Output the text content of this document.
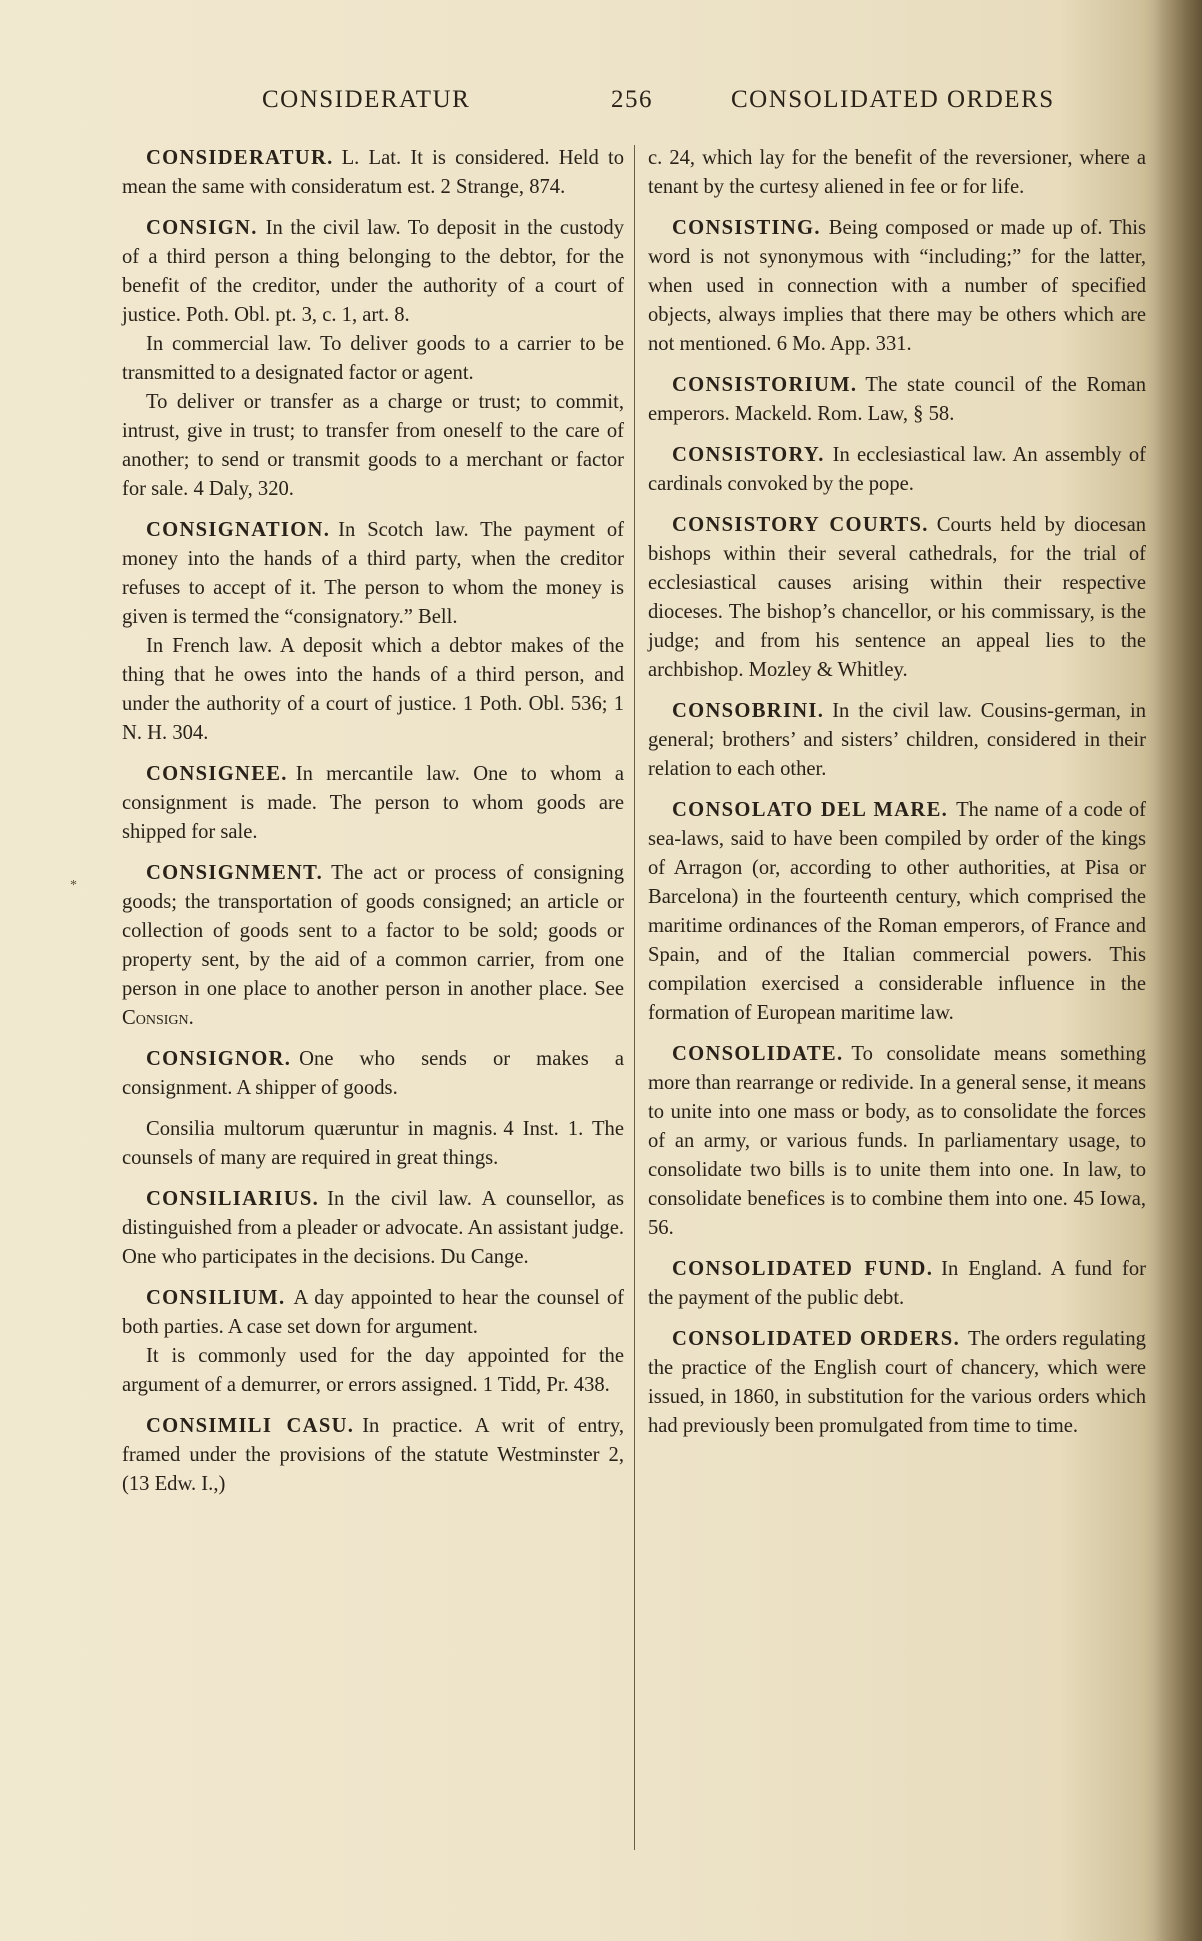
CONSIDERATUR	256	CONSOLIDATED ORDERS
*

CONSIDERATUR. L. Lat. It is considered. Held to mean the same with consideratum est. 2 Strange, 874.

CONSIGN. In the civil law. To deposit in the custody of a third person a thing belonging to the debtor, for the benefit of the creditor, under the authority of a court of justice. Poth. Obl. pt. 3, c. 1, art. 8.

In commercial law. To deliver goods to a carrier to be transmitted to a designated factor or agent.

To deliver or transfer as a charge or trust; to commit, intrust, give in trust; to transfer from oneself to the care of another; to send or transmit goods to a merchant or factor for sale. 4 Daly, 320.

CONSIGNATION. In Scotch law. The payment of money into the hands of a third party, when the creditor refuses to accept of it. The person to whom the money is given is termed the “consignatory.” Bell.

In French law. A deposit which a debtor makes of the thing that he owes into the hands of a third person, and under the authority of a court of justice. 1 Poth. Obl. 536; 1 N. H. 304.

CONSIGNEE. In mercantile law. One to whom a consignment is made. The person to whom goods are shipped for sale.

CONSIGNMENT. The act or process of consigning goods; the transportation of goods consigned; an article or collection of goods sent to a factor to be sold; goods or property sent, by the aid of a common carrier, from one person in one place to another person in another place. See Consign.

CONSIGNOR. One who sends or makes a consignment. A shipper of goods.

Consilia multorum quæruntur in magnis. 4 Inst. 1. The counsels of many are required in great things.

CONSILIARIUS. In the civil law. A counsellor, as distinguished from a pleader or advocate. An assistant judge. One who participates in the decisions. Du Cange.

CONSILIUM. A day appointed to hear the counsel of both parties. A case set down for argument.

It is commonly used for the day appointed for the argument of a demurrer, or errors assigned. 1 Tidd, Pr. 438.

CONSIMILI CASU. In practice. A writ of entry, framed under the provisions of the statute Westminster 2, (13 Edw. I.,)

c. 24, which lay for the benefit of the reversioner, where a tenant by the curtesy aliened in fee or for life.

CONSISTING. Being composed or made up of. This word is not synonymous with “including;” for the latter, when used in connection with a number of specified objects, always implies that there may be others which are not mentioned. 6 Mo. App. 331.

CONSISTORIUM. The state council of the Roman emperors. Mackeld. Rom. Law, § 58.

CONSISTORY. In ecclesiastical law. An assembly of cardinals convoked by the pope.

CONSISTORY COURTS. Courts held by diocesan bishops within their several cathedrals, for the trial of ecclesiastical causes arising within their respective dioceses. The bishop’s chancellor, or his commissary, is the judge; and from his sentence an appeal lies to the archbishop. Mozley & Whitley.

CONSOBRINI. In the civil law. Cousins-german, in general; brothers’ and sisters’ children, considered in their relation to each other.

CONSOLATO DEL MARE. The name of a code of sea-laws, said to have been compiled by order of the kings of Arragon (or, according to other authorities, at Pisa or Barcelona) in the fourteenth century, which comprised the maritime ordinances of the Roman emperors, of France and Spain, and of the Italian commercial powers. This compilation exercised a considerable influence in the formation of European maritime law.

CONSOLIDATE. To consolidate means something more than rearrange or redivide. In a general sense, it means to unite into one mass or body, as to consolidate the forces of an army, or various funds. In parliamentary usage, to consolidate two bills is to unite them into one. In law, to consolidate benefices is to combine them into one. 45 Iowa, 56.

CONSOLIDATED FUND. In England. A fund for the payment of the public debt.

CONSOLIDATED ORDERS. The orders regulating the practice of the English court of chancery, which were issued, in 1860, in substitution for the various orders which had previously been promulgated from time to time.
